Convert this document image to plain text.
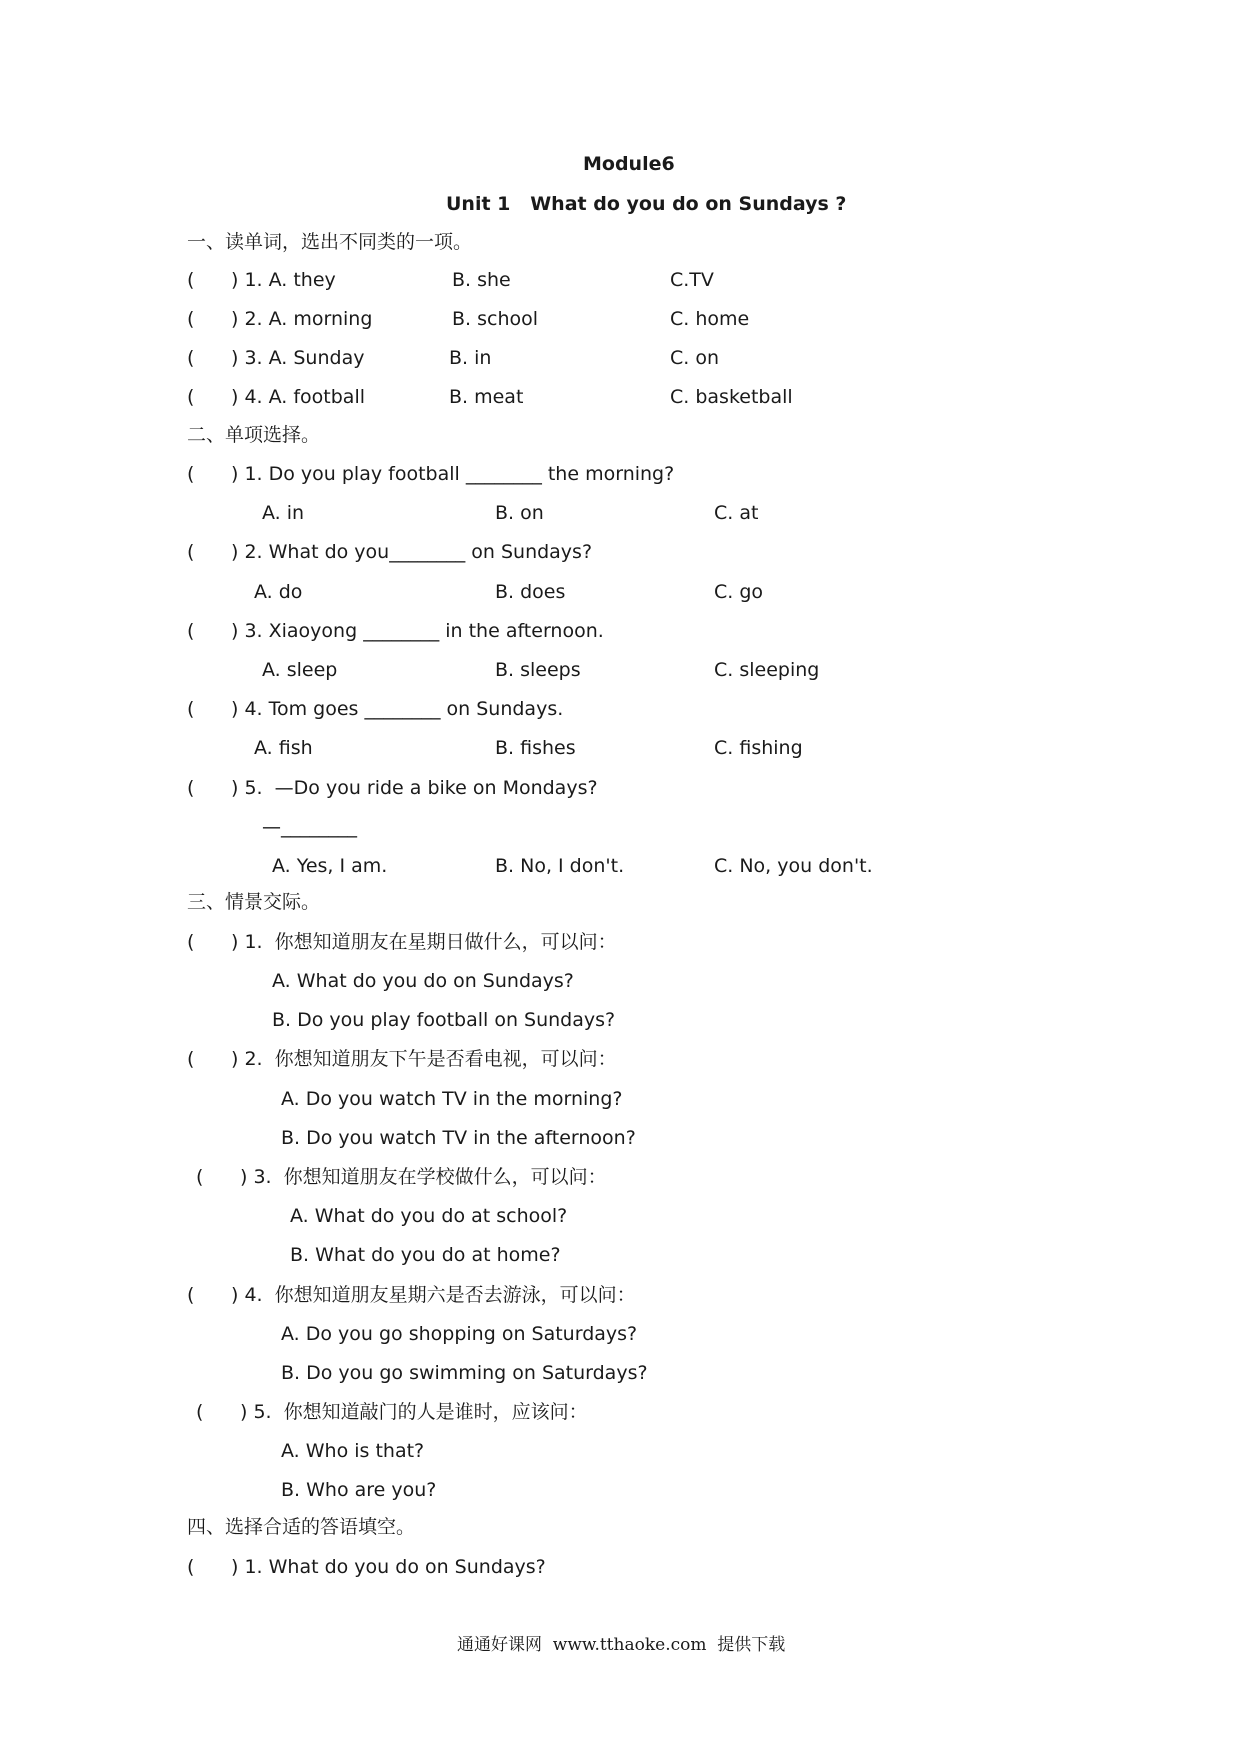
Module6
Unit 1   What do you do on Sundays ?
一、读单词，选出不同类的一项。
( ) 1. A. they	B. she	C.TV
( ) 2. A. morning	B. school	C. home
( ) 3. A. Sunday	B. in	C. on
( ) 4. A. football	B. meat	C. basketball
二、单项选择。
( ) 1. Do you play football ________ the morning?
A. in	B. on	C. at
( ) 2. What do you________ on Sundays?
A. do	B. does	C. go
( ) 3. Xiaoyong ________ in the afternoon.
A. sleep	B. sleeps	C. sleeping
( ) 4. Tom goes ________ on Sundays.
A. fish	B. fishes	C. fishing
( ) 5.  —Do you ride a bike on Mondays?
—________
A. Yes, I am.	B. No, I don't.	C. No, you don't.
三、情景交际。
( ) 1.  你想知道朋友在星期日做什么，可以问：
A. What do you do on Sundays?
B. Do you play football on Sundays?
( ) 2.  你想知道朋友下午是否看电视，可以问：
A. Do you watch TV in the morning?
B. Do you watch TV in the afternoon?
( ) 3.  你想知道朋友在学校做什么，可以问：
A. What do you do at school?
B. What do you do at home?
( ) 4.  你想知道朋友星期六是否去游泳，可以问：
A. Do you go shopping on Saturdays?
B. Do you go swimming on Saturdays?
( ) 5.  你想知道敲门的人是谁时，应该问：
A. Who is that?
B. Who are you?
四、选择合适的答语填空。
( ) 1. What do you do on Sundays?
通通好课网  www.tthaoke.com  提供下载
